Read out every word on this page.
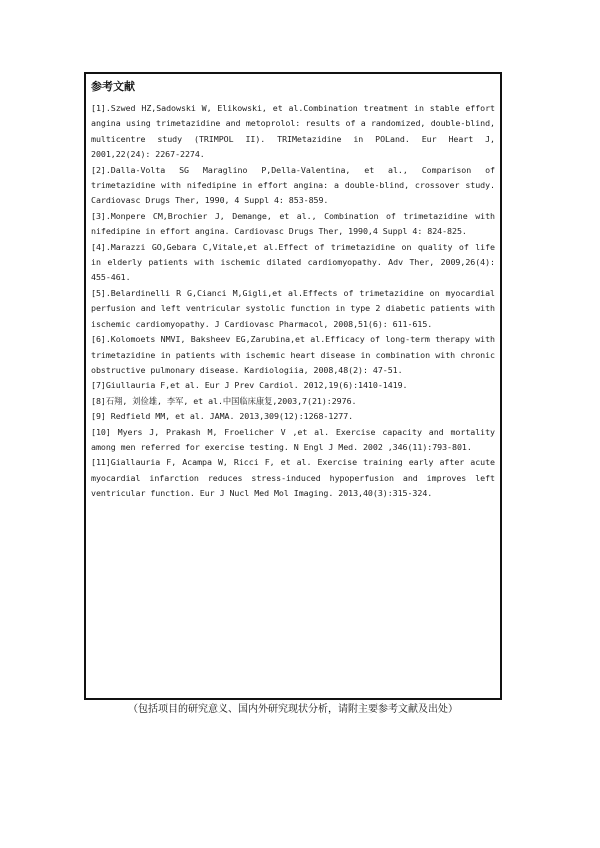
参考文献
[1].Szwed HZ,Sadowski W, Elikowski, et al.Combination treatment in stable effort angina using trimetazidine and metoprolol: results of a randomized, double-blind, multicentre study (TRIMPOL II). TRIMetazidine in POLand. Eur Heart J, 2001,22(24): 2267-2274.
[2].Dalla-Volta SG Maraglino P,Della-Valentina, et al., Comparison of trimetazidine with nifedipine in effort angina: a double-blind, crossover study. Cardiovasc Drugs Ther, 1990, 4 Suppl 4: 853-859.
[3].Monpere CM,Brochier J, Demange, et al., Combination of trimetazidine with nifedipine in effort angina. Cardiovasc Drugs Ther, 1990,4 Suppl 4: 824-825.
[4].Marazzi GO,Gebara C,Vitale,et al.Effect of trimetazidine on quality of life in elderly patients with ischemic dilated cardiomyopathy. Adv Ther, 2009,26(4): 455-461.
[5].Belardinelli R G,Cianci M,Gigli,et al.Effects of trimetazidine on myocardial perfusion and left ventricular systolic function in type 2 diabetic patients with ischemic cardiomyopathy. J Cardiovasc Pharmacol, 2008,51(6): 611-615.
[6].Kolomoets NMVI, Baksheev EG,Zarubina,et al.Efficacy of long-term therapy with trimetazidine in patients with ischemic heart disease in combination with chronic obstructive pulmonary disease. Kardiologiia, 2008,48(2): 47-51.
[7]Giullauria F,et al. Eur J Prev Cardiol. 2012,19(6):1410-1419.
[8]石翔, 刘俭雄, 李军, et al.中国临床康复,2003,7(21):2976.
[9] Redfield MM, et al. JAMA. 2013,309(12):1268-1277.
[10] Myers J, Prakash M, Froelicher V ,et al. Exercise capacity and mortality among men referred for exercise testing. N Engl J Med. 2002 ,346(11):793-801.
[11]Giallauria F, Acampa W, Ricci F, et al. Exercise training early after acute myocardial infarction reduces stress-induced hypoperfusion and improves left ventricular function. Eur J Nucl Med Mol Imaging. 2013,40(3):315-324.
（包括项目的研究意义、国内外研究现状分析，请附主要参考文献及出处）
